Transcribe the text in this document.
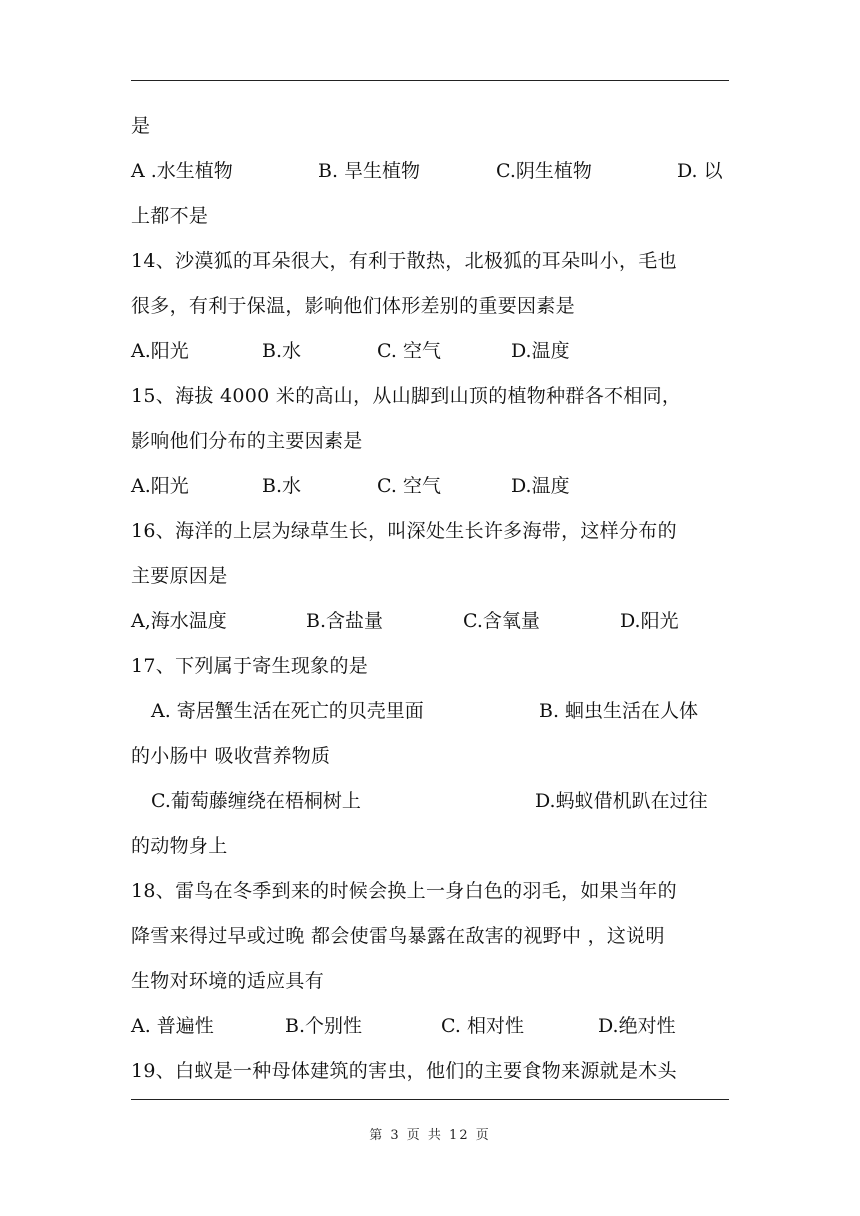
是
A .水生植物	B. 旱生植物	C.阴生植物	D. 以
上都不是
14、沙漠狐的耳朵很大，有利于散热，北极狐的耳朵叫小，毛也
很多，有利于保温，影响他们体形差别的重要因素是
A.阳光	B.水	C. 空气	D.温度
15、海拔 4000 米的高山，从山脚到山顶的植物种群各不相同，
影响他们分布的主要因素是
A.阳光	B.水	C. 空气	D.温度
16、海洋的上层为绿草生长，叫深处生长许多海带，这样分布的
主要原因是
A,海水温度	B.含盐量	C.含氧量	D.阳光
17、下列属于寄生现象的是
A. 寄居蟹生活在死亡的贝壳里面	B. 蛔虫生活在人体
的小肠中 吸收营养物质
C.葡萄藤缠绕在梧桐树上	D.蚂蚁借机趴在过往
的动物身上
18、雷鸟在冬季到来的时候会换上一身白色的羽毛，如果当年的
降雪来得过早或过晚 都会使雷鸟暴露在敌害的视野中 ，这说明
生物对环境的适应具有
A. 普遍性	B.个别性	C. 相对性	D.绝对性
19、白蚁是一种母体建筑的害虫，他们的主要食物来源就是木头
第 3 页 共 12 页
